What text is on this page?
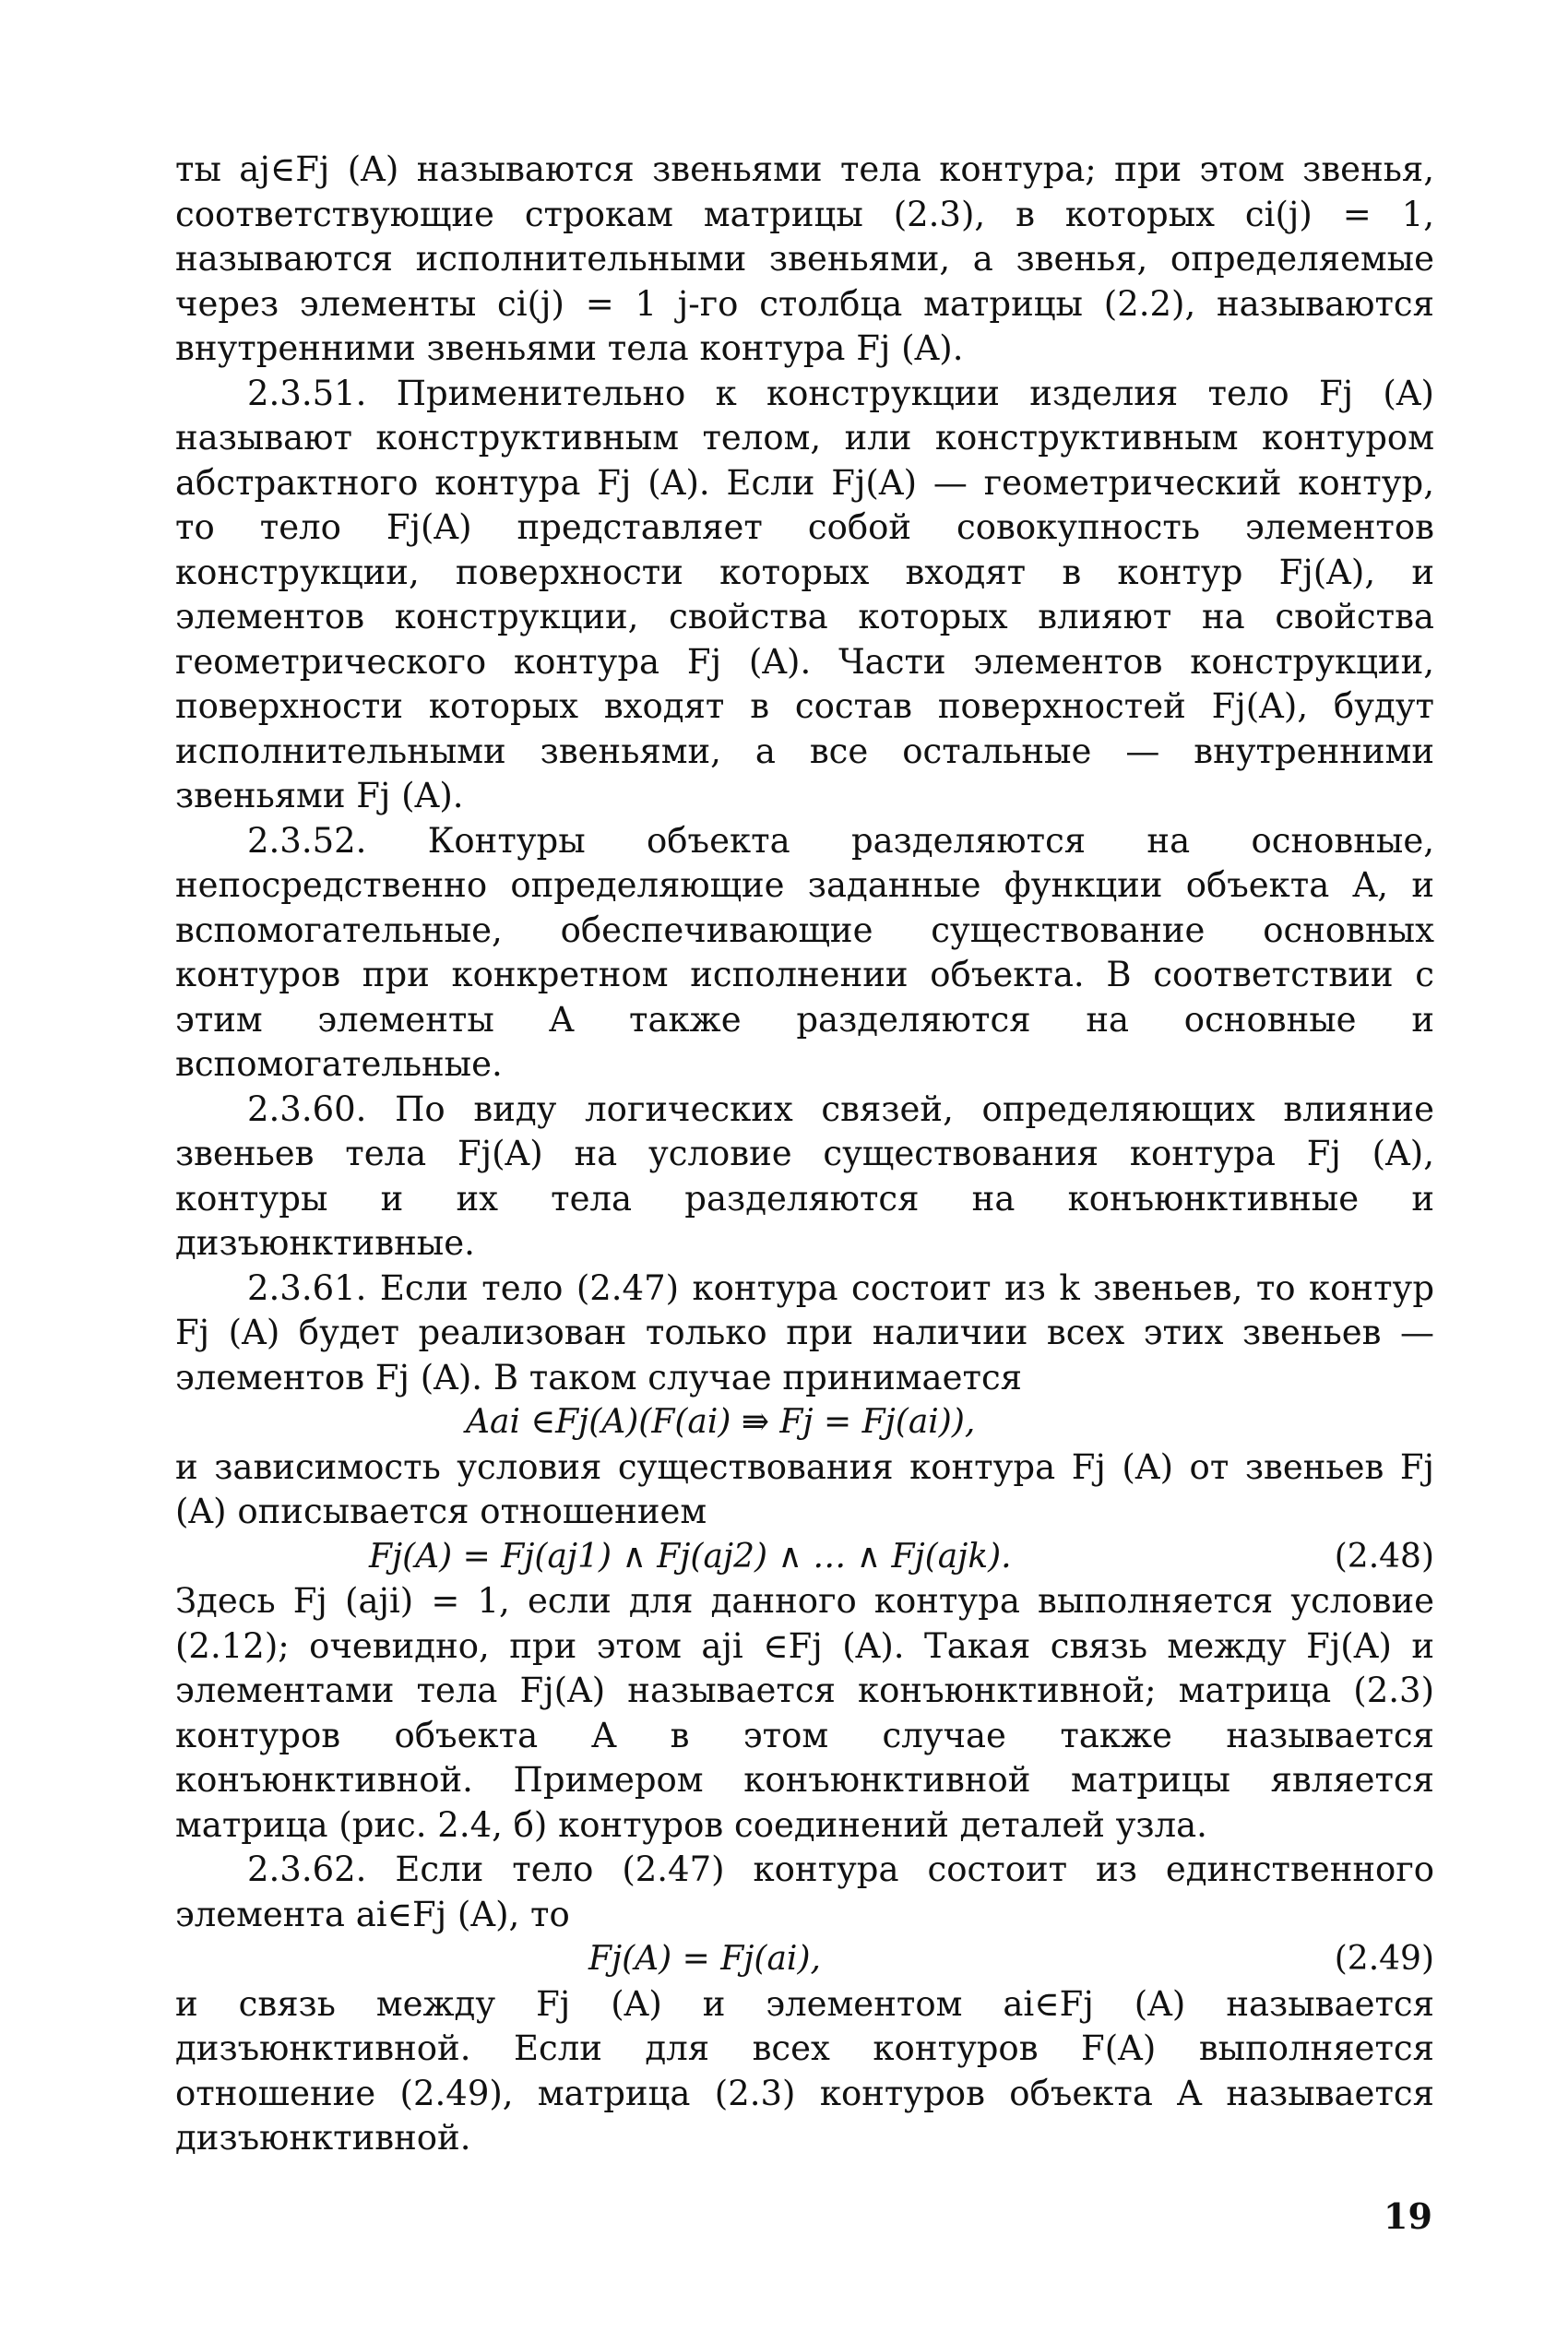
ты aj∈Fj (A) называются звеньями тела контура; при этом звенья, соответствующие строкам матрицы (2.3), в которых ci(j) = 1, называются исполнительными звеньями, а звенья, определяемые через элементы ci(j) = 1 j-го столбца матрицы (2.2), называются внутренними звеньями тела контура Fj (A).

2.3.51. Применительно к конструкции изделия тело Fj (A) называют конструктивным телом, или конструктивным контуром абстрактного контура Fj (A). Если Fj(A) — геометрический контур, то тело Fj(A) представляет собой совокупность элементов конструкции, поверхности которых входят в контур Fj(A), и элементов конструкции, свойства которых влияют на свойства геометрического контура Fj (A). Части элементов конструкции, поверхности которых входят в состав поверхностей Fj(A), будут исполнительными звеньями, а все остальные — внутренними звеньями Fj (A).

2.3.52. Контуры объекта разделяются на основные, непосредственно определяющие заданные функции объекта A, и вспомогательные, обеспечивающие существование основных контуров при конкретном исполнении объекта. В соответствии с этим элементы A также разделяются на основные и вспомогательные.

2.3.60. По виду логических связей, определяющих влияние звеньев тела Fj(A) на условие существования контура Fj (A), контуры и их тела разделяются на конъюнктивные и дизъюнктивные.

2.3.61. Если тело (2.47) контура состоит из k звеньев, то контур Fj (A) будет реализован только при наличии всех этих звеньев — элементов Fj (A). В таком случае принимается

Aai ∈Fj(A)(F(ai) ⇛ Fj = Fj(ai)),

и зависимость условия существования контура Fj (A) от звеньев Fj (A) описывается отношением

Fj(A) = Fj(aj1) ∧ Fj(aj2) ∧ … ∧ Fj(ajk).	(2.48)

Здесь Fj (aji) = 1, если для данного контура выполняется условие (2.12); очевидно, при этом aji ∈Fj (A). Такая связь между Fj(A) и элементами тела Fj(A) называется конъюнктивной; матрица (2.3) контуров объекта A в этом случае также называется конъюнктивной. Примером конъюнктивной матрицы является матрица (рис. 2.4, б) контуров соединений деталей узла.

2.3.62. Если тело (2.47) контура состоит из единственного элемента ai∈Fj (A), то

Fj(A) = Fj(ai),	(2.49)

и связь между Fj (A) и элементом ai∈Fj (A) называется дизъюнктивной. Если для всех контуров F(A) выполняется отношение (2.49), матрица (2.3) контуров объекта A называется дизъюнктивной.

19
